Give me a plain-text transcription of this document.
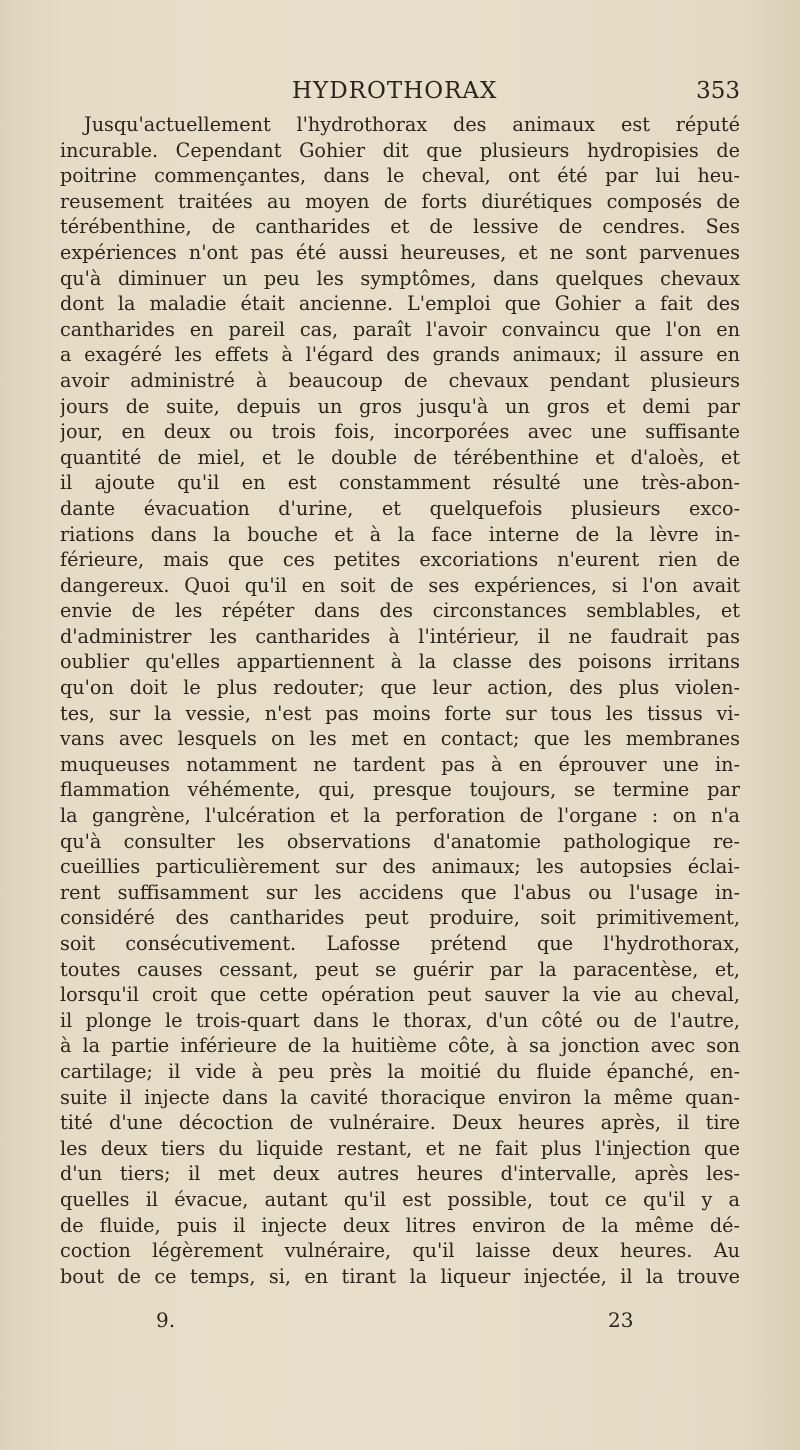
HYDROTHORAX	353
Jusqu'actuellement l'hydrothorax des animaux est réputé
incurable. Cependant Gohier dit que plusieurs hydropisies de
poitrine commençantes, dans le cheval, ont été par lui heu-
reusement traitées au moyen de forts diurétiques composés de
térébenthine, de cantharides et de lessive de cendres. Ses
expériences n'ont pas été aussi heureuses, et ne sont parvenues
qu'à diminuer un peu les symptômes, dans quelques chevaux
dont la maladie était ancienne. L'emploi que Gohier a fait des
cantharides en pareil cas, paraît l'avoir convaincu que l'on en
a exagéré les effets à l'égard des grands animaux; il assure en
avoir administré à beaucoup de chevaux pendant plusieurs
jours de suite, depuis un gros jusqu'à un gros et demi par
jour, en deux ou trois fois, incorporées avec une suffisante
quantité de miel, et le double de térébenthine et d'aloès, et
il ajoute qu'il en est constamment résulté une très-abon-
dante évacuation d'urine, et quelquefois plusieurs exco-
riations dans la bouche et à la face interne de la lèvre in-
férieure, mais que ces petites excoriations n'eurent rien de
dangereux. Quoi qu'il en soit de ses expériences, si l'on avait
envie de les répéter dans des circonstances semblables, et
d'administrer les cantharides à l'intérieur, il ne faudrait pas
oublier qu'elles appartiennent à la classe des poisons irritans
qu'on doit le plus redouter; que leur action, des plus violen-
tes, sur la vessie, n'est pas moins forte sur tous les tissus vi-
vans avec lesquels on les met en contact; que les membranes
muqueuses notamment ne tardent pas à en éprouver une in-
flammation véhémente, qui, presque toujours, se termine par
la gangrène, l'ulcération et la perforation de l'organe : on n'a
qu'à consulter les observations d'anatomie pathologique re-
cueillies particulièrement sur des animaux; les autopsies éclai-
rent suffisamment sur les accidens que l'abus ou l'usage in-
considéré des cantharides peut produire, soit primitivement,
soit consécutivement. Lafosse prétend que l'hydrothorax,
toutes causes cessant, peut se guérir par la paracentèse, et,
lorsqu'il croit que cette opération peut sauver la vie au cheval,
il plonge le trois-quart dans le thorax, d'un côté ou de l'autre,
à la partie inférieure de la huitième côte, à sa jonction avec son
cartilage; il vide à peu près la moitié du fluide épanché, en-
suite il injecte dans la cavité thoracique environ la même quan-
tité d'une décoction de vulnéraire. Deux heures après, il tire
les deux tiers du liquide restant, et ne fait plus l'injection que
d'un tiers; il met deux autres heures d'intervalle, après les-
quelles il évacue, autant qu'il est possible, tout ce qu'il y a
de fluide, puis il injecte deux litres environ de la même dé-
coction légèrement vulnéraire, qu'il laisse deux heures. Au
bout de ce temps, si, en tirant la liqueur injectée, il la trouve
9.	23
